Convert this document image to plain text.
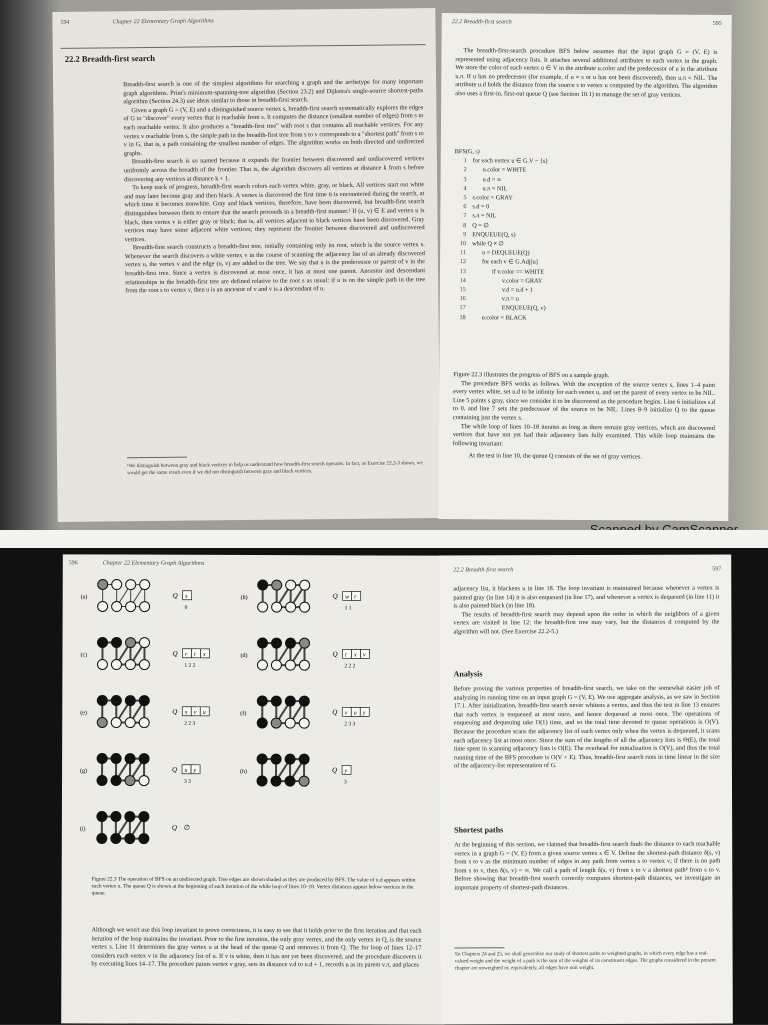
594	Chapter 22 Elementary Graph Algorithms
22.2 Breadth-first search

Breadth-first search is one of the simplest algorithms for searching a graph and the archetype for many important graph algorithms. Prim's minimum-spanning-tree algorithm (Section 23.2) and Dijkstra's single-source shortest-paths algorithm (Section 24.3) use ideas similar to those in breadth-first search.

Given a graph G = (V, E) and a distinguished source vertex s, breadth-first search systematically explores the edges of G to "discover" every vertex that is reachable from s. It computes the distance (smallest number of edges) from s to each reachable vertex. It also produces a "breadth-first tree" with root s that contains all reachable vertices. For any vertex v reachable from s, the simple path in the breadth-first tree from s to v corresponds to a "shortest path" from s to v in G, that is, a path containing the smallest number of edges. The algorithm works on both directed and undirected graphs.

Breadth-first search is so named because it expands the frontier between discovered and undiscovered vertices uniformly across the breadth of the frontier. That is, the algorithm discovers all vertices at distance k from s before discovering any vertices at distance k + 1.

To keep track of progress, breadth-first search colors each vertex white, gray, or black. All vertices start out white and may later become gray and then black. A vertex is discovered the first time it is encountered during the search, at which time it becomes nonwhite. Gray and black vertices, therefore, have been discovered, but breadth-first search distinguishes between them to ensure that the search proceeds in a breadth-first manner.¹ If (u, v) ∈ E and vertex u is black, then vertex v is either gray or black; that is, all vertices adjacent to black vertices have been discovered. Gray vertices may have some adjacent white vertices; they represent the frontier between discovered and undiscovered vertices.

Breadth-first search constructs a breadth-first tree, initially containing only its root, which is the source vertex s. Whenever the search discovers a white vertex v in the course of scanning the adjacency list of an already discovered vertex u, the vertex v and the edge (u, v) are added to the tree. We say that u is the predecessor or parent of v in the breadth-first tree. Since a vertex is discovered at most once, it has at most one parent. Ancestor and descendant relationships in the breadth-first tree are defined relative to the root s as usual: if u is on the simple path in the tree from the root s to vertex v, then u is an ancestor of v and v is a descendant of u.

¹We distinguish between gray and black vertices to help us understand how breadth-first search operates. In fact, as Exercise 22.2-3 shows, we would get the same result even if we did not distinguish between gray and black vertices.
22.2 Breadth-first search	595

The breadth-first-search procedure BFS below assumes that the input graph G = (V, E) is represented using adjacency lists. It attaches several additional attributes to each vertex in the graph. We store the color of each vertex u ∈ V in the attribute u.color and the predecessor of u in the attribute u.π. If u has no predecessor (for example, if u = s or u has not been discovered), then u.π = NIL. The attribute u.d holds the distance from the source s to vertex u computed by the algorithm. The algorithm also uses a first-in, first-out queue Q (see Section 10.1) to manage the set of gray vertices.

BFS(G, s)
1 for each vertex u ∈ G.V − {s}
2	u.color = WHITE
3	u.d = ∞
4	u.π = NIL
5 s.color = GRAY
6 s.d = 0
7 s.π = NIL
8 Q = ∅
9 ENQUEUE(Q, s)
10 while Q ≠ ∅
11	u = DEQUEUE(Q)
12	for each v ∈ G.Adj[u]
13	if v.color == WHITE
14	v.color = GRAY
15	v.d = u.d + 1
16	v.π = u
17	ENQUEUE(Q, v)
18	u.color = BLACK

Figure 22.3 illustrates the progress of BFS on a sample graph.

The procedure BFS works as follows. With the exception of the source vertex s, lines 1–4 paint every vertex white, set u.d to be infinity for each vertex u, and set the parent of every vertex to be NIL. Line 5 paints s gray, since we consider it to be discovered as the procedure begins. Line 6 initializes s.d to 0, and line 7 sets the predecessor of the source to be NIL. Lines 8–9 initialize Q to the queue containing just the vertex s.

The while loop of lines 10–18 iterates as long as there remain gray vertices, which are discovered vertices that have not yet had their adjacency lists fully examined. This while loop maintains the following invariant:

At the test in line 10, the queue Q consists of the set of gray vertices.

596	Chapter 22 Elementary Graph Algorithms
(a)	Q s
0
(b)	Q w r
1 1
(c)	Q r t x
1 2 2
(d)	Q t x v
2 2 2
(e)	Q x v u
2 2 3
(f)	Q v u y
2 3 3
(g)	Q u y
3 3
(h)	Q y
3
(i)	Q ∅
Figure 22.3 The operation of BFS on an undirected graph. Tree edges are shown shaded as they are produced by BFS. The value of u.d appears within each vertex u. The queue Q is shown at the beginning of each iteration of the while loop of lines 10–18. Vertex distances appear below vertices in the queue.

Although we won't use this loop invariant to prove correctness, it is easy to see that it holds prior to the first iteration and that each iteration of the loop maintains the invariant. Prior to the first iteration, the only gray vertex, and the only vertex in Q, is the source vertex s. Line 11 determines the gray vertex u at the head of the queue Q and removes it from Q. The for loop of lines 12–17 considers each vertex v in the adjacency list of u. If v is white, then it has not yet been discovered, and the procedure discovers it by executing lines 14–17. The procedure paints vertex v gray, sets its distance v.d to u.d + 1, records u as its parent v.π, and places

22.2 Breadth-first search	597

adjacency list, it blackens u in line 18. The loop invariant is maintained because whenever a vertex is painted gray (in line 14) it is also enqueued (in line 17), and whenever a vertex is dequeued (in line 11) it is also painted black (in line 18).

The results of breadth-first search may depend upon the order in which the neighbors of a given vertex are visited in line 12: the breadth-first tree may vary, but the distances d computed by the algorithm will not. (See Exercise 22.2-5.)

Analysis

Before proving the various properties of breadth-first search, we take on the somewhat easier job of analyzing its running time on an input graph G = (V, E). We use aggregate analysis, as we saw in Section 17.1. After initialization, breadth-first search never whitens a vertex, and thus the test in line 13 ensures that each vertex is enqueued at most once, and hence dequeued at most once. The operations of enqueuing and dequeuing take O(1) time, and so the total time devoted to queue operations is O(V). Because the procedure scans the adjacency list of each vertex only when the vertex is dequeued, it scans each adjacency list at most once. Since the sum of the lengths of all the adjacency lists is Θ(E), the total time spent in scanning adjacency lists is O(E). The overhead for initialization is O(V), and thus the total running time of the BFS procedure is O(V + E). Thus, breadth-first search runs in time linear in the size of the adjacency-list representation of G.

Shortest paths

At the beginning of this section, we claimed that breadth-first search finds the distance to each reachable vertex in a graph G = (V, E) from a given source vertex s ∈ V. Define the shortest-path distance δ(s, v) from s to v as the minimum number of edges in any path from vertex s to vertex v; if there is no path from s to v, then δ(s, v) = ∞. We call a path of length δ(s, v) from s to v a shortest path² from s to v. Before showing that breadth-first search correctly computes shortest-path distances, we investigate an important property of shortest-path distances.

²In Chapters 24 and 25, we shall generalize our study of shortest paths to weighted graphs, in which every edge has a real-valued weight and the weight of a path is the sum of the weights of its constituent edges. The graphs considered in the present chapter are unweighted or, equivalently, all edges have unit weight.
